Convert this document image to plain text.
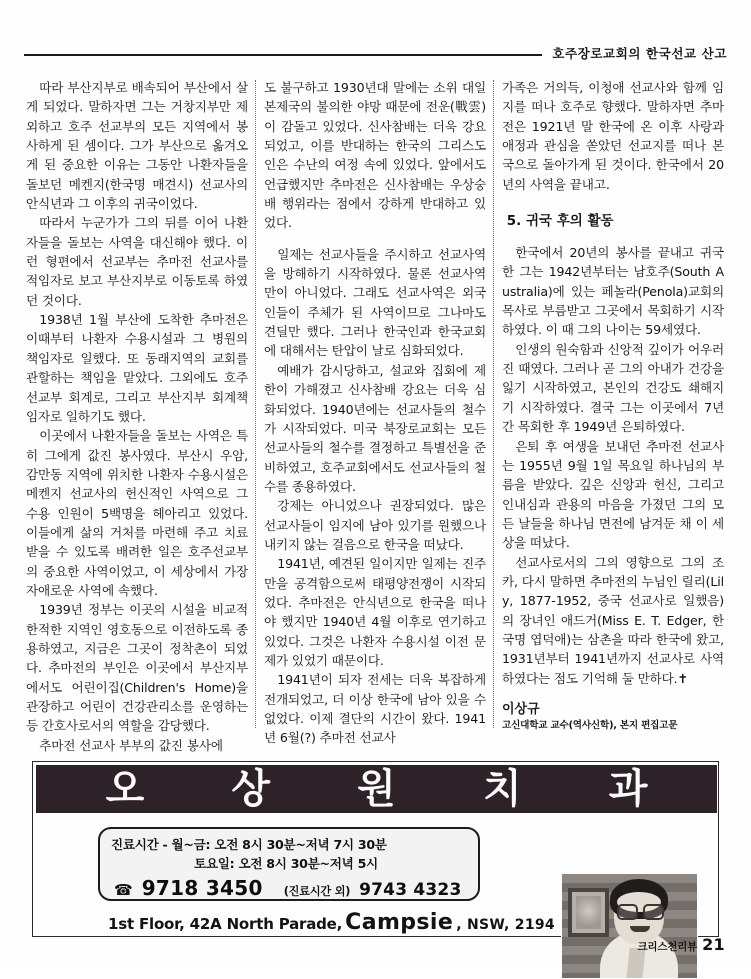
호주장로교회의 한국선교 산고

따라 부산지부로 배속되어 부산에서 살게 되었다. 말하자면 그는 거창지부만 제외하고 호주 선교부의 모든 지역에서 봉사하게 된 셈이다. 그가 부산으로 옮겨오게 된 중요한 이유는 그동안 나환자들을 돌보던 메켄지(한국명 매견시) 선교사의 안식년과 그 이후의 귀국이었다.

따라서 누군가가 그의 뒤를 이어 나환자들을 돌보는 사역을 대신해야 했다. 이런 형편에서 선교부는 추마전 선교사를 적임자로 보고 부산지부로 이동토록 하였던 것이다.

1938년 1월 부산에 도착한 추마전은 이때부터 나환자 수용시설과 그 병원의 책임자로 일했다. 또 동래지역의 교회를 관할하는 책임을 맡았다. 그외에도 호주선교부 회계로, 그리고 부산지부 회계책임자로 일하기도 했다.

이곳에서 나환자들을 돌보는 사역은 특히 그에게 값진 봉사였다. 부산시 우암, 감만동 지역에 위치한 나환자 수용시설은 메켄지 선교사의 헌신적인 사역으로 그 수용 인원이 5백명을 헤아리고 있었다. 이들에게 삶의 거처를 마련해 주고 치료받을 수 있도록 배려한 일은 호주선교부의 중요한 사역이었고, 이 세상에서 가장 자애로운 사역에 속했다.

1939년 정부는 이곳의 시설을 비교적 한적한 지역인 영호동으로 이전하도록 종용하였고, 지금은 그곳이 정착촌이 되었다. 추마전의 부인은 이곳에서 부산지부에서도 어린이집(Children's Home)을 관장하고 어린이 건강관리소를 운영하는 등 간호사로서의 역할을 감당했다.

추마전 선교사 부부의 값진 봉사에

도 불구하고 1930년대 말에는 소위 대일본제국의 불의한 야망 때문에 전운(戰雲)이 감돌고 있었다. 신사참배는 더욱 강요되었고, 이를 반대하는 한국의 그리스도인은 수난의 여정 속에 있었다. 앞에서도 언급했지만 추마전은 신사참배는 우상숭배 행위라는 점에서 강하게 반대하고 있었다.

일제는 선교사들을 주시하고 선교사역을 방해하기 시작하였다. 물론 선교사역만이 아니었다. 그래도 선교사역은 외국인들이 주체가 된 사역이므로 그나마도 견딜만 했다. 그러나 한국인과 한국교회에 대해서는 탄압이 날로 심화되었다.

예배가 감시당하고, 설교와 집회에 제한이 가해졌고 신사참배 강요는 더욱 심화되었다. 1940년에는 선교사들의 철수가 시작되었다. 미국 북장로교회는 모든 선교사들의 철수를 결정하고 특별선을 준비하였고, 호주교회에서도 선교사들의 철수를 종용하였다.

강제는 아니었으나 권장되었다. 많은 선교사들이 임지에 남아 있기를 원했으나 내키지 않는 걸음으로 한국을 떠났다.

1941년, 예견된 일이지만 일제는 진주만을 공격함으로써 태평양전쟁이 시작되었다. 추마전은 안식년으로 한국을 떠나야 했지만 1940년 4월 이후로 연기하고 있었다. 그것은 나환자 수용시설 이전 문제가 있었기 때문이다.

1941년이 되자 전세는 더욱 복잡하게 전개되었고, 더 이상 한국에 남아 있을 수 없었다. 이제 결단의 시간이 왔다. 1941년 6월(?) 추마전 선교사

가족은 거의득, 이청애 선교사와 함께 임지를 떠나 호주로 향했다. 말하자면 추마전은 1921년 말 한국에 온 이후 사랑과 애정과 관심을 쏟았던 선교지를 떠나 본국으로 돌아가게 된 것이다. 한국에서 20년의 사역을 끝내고.

5. 귀국 후의 활동

한국에서 20년의 봉사를 끝내고 귀국한 그는 1942년부터는 남호주(South Australia)에 있는 페놀라(Penola)교회의 목사로 부름받고 그곳에서 목회하기 시작하였다. 이 때 그의 나이는 59세였다.

인생의 원숙함과 신앙적 깊이가 어우러진 때였다. 그러나 곧 그의 아내가 건강을 잃기 시작하였고, 본인의 건강도 쇄해지기 시작하였다. 결국 그는 이곳에서 7년간 목회한 후 1949년 은퇴하였다.

은퇴 후 여생을 보내던 추마전 선교사는 1955년 9월 1일 목요일 하나님의 부름을 받았다. 깊은 신앙과 헌신, 그리고 인내심과 관용의 마음을 가졌던 그의 모든 날들을 하나님 면전에 남겨둔 채 이 세상을 떠났다.

선교사로서의 그의 영향으로 그의 조카, 다시 말하면 추마전의 누님인 릴리(Lily, 1877-1952, 중국 선교사로 일했음)의 장녀인 애드거(Miss E. T. Edger, 한국명 엽덕애)는 삼촌을 따라 한국에 왔고, 1931년부터 1941년까지 선교사로 사역하였다는 점도 기억해 둘 만하다.✝

이상규
고신대학교 교수(역사신학), 본지 편집고문
오 상 원 치 과
진료시간 - 월~금: 오전 8시 30분~저녁 7시 30분
토요일: 오전 8시 30분~저녁 5시
☎ 9718 3450 (진료시간 외) 9743 4323
1st Floor, 42A North Parade, Campsie , NSW, 2194
크리스천리뷰 21
